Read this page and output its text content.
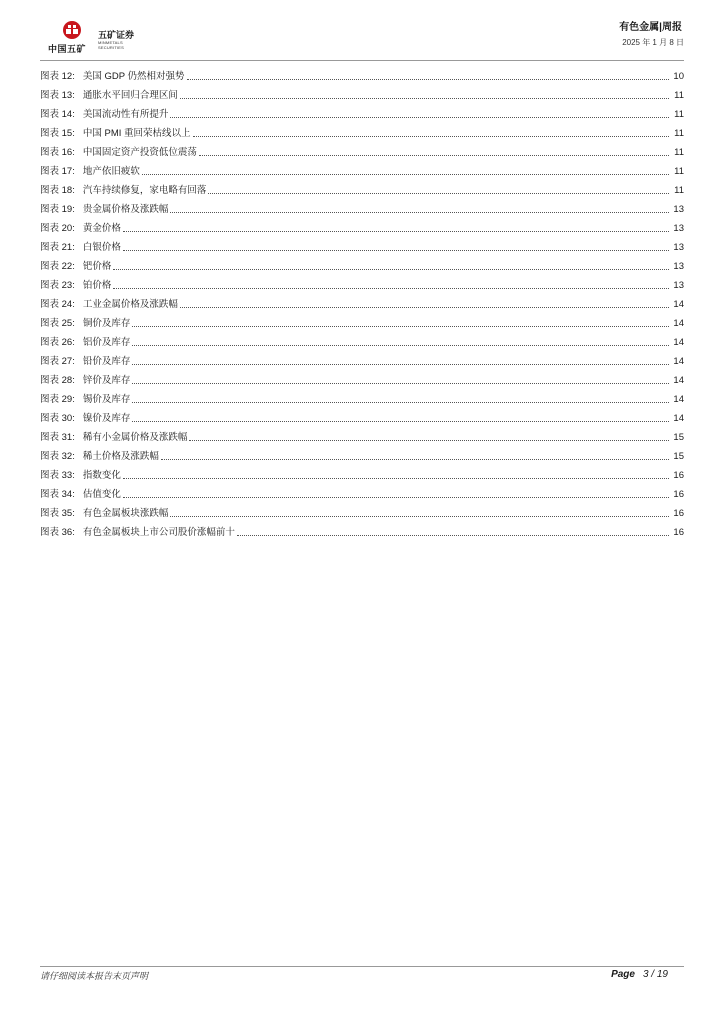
中国五矿
五矿证券
MINMETALS SECURITIES
有色金属|周报
2025 年 1 月 8 日
图表 12: 美国 GDP 仍然相对强势	10
图表 13: 通胀水平回归合理区间	11
图表 14: 美国流动性有所提升	11
图表 15: 中国 PMI 重回荣枯线以上	11
图表 16: 中国固定资产投资低位震荡	11
图表 17: 地产依旧疲软	11
图表 18: 汽车持续修复，家电略有回落	11
图表 19: 贵金属价格及涨跌幅	13
图表 20: 黄金价格	13
图表 21: 白银价格	13
图表 22: 钯价格	13
图表 23: 铂价格	13
图表 24: 工业金属价格及涨跌幅	14
图表 25: 铜价及库存	14
图表 26: 铝价及库存	14
图表 27: 铅价及库存	14
图表 28: 锌价及库存	14
图表 29: 锡价及库存	14
图表 30: 镍价及库存	14
图表 31: 稀有小金属价格及涨跌幅	15
图表 32: 稀土价格及涨跌幅	15
图表 33: 指数变化	16
图表 34: 估值变化	16
图表 35: 有色金属板块涨跌幅	16
图表 36: 有色金属板块上市公司股价涨幅前十	16
请仔细阅读本报告末页声明	Page 3 / 19
